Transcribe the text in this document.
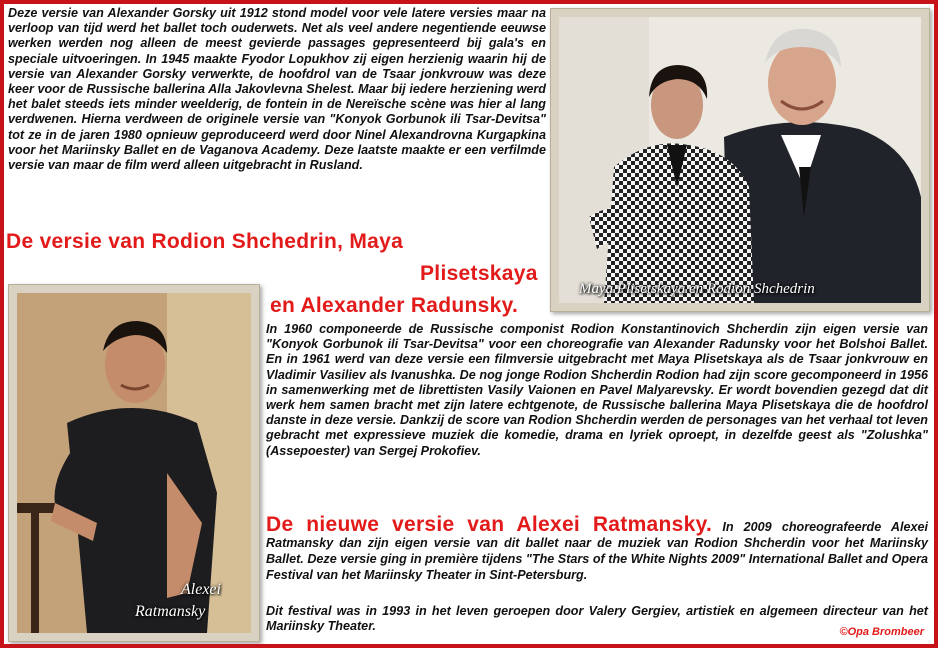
Deze versie van Alexander Gorsky uit 1912 stond model voor vele latere versies maar na verloop van tijd werd het ballet toch ouderwets. Net als veel andere negentiende eeuwse werken werden nog alleen de meest gevierde passages gepresenteerd bij gala's en speciale uitvoeringen. In 1945 maakte Fyodor Lopukhov zij eigen herzienig waarin hij de versie van Alexander Gorsky verwerkte, de hoofdrol van de Tsaar jonkvrouw was deze keer voor de Russische ballerina Alla Jakovlevna Shelest. Maar bij iedere herziening werd het balet steeds iets minder weelderig, de fontein in de Nereïsche scène was hier al lang verdwenen. Hierna verdween de originele versie van "Konyok Gorbunok ili Tsar-Devitsa" tot ze in de jaren 1980 opnieuw geproduceerd werd door Ninel Alexandrovna Kurgapkina voor het Mariinsky Ballet en de Vaganova Academy. Deze laatste maakte er een verfilmde versie van maar de film werd alleen uitgebracht in Rusland.

De versie van Rodion Shchedrin, Maya
Plisetskaya
en Alexander Radunsky.
Maya Plisetskaya en Rodion Shchedrin
Alexei
Ratmansky

In 1960 componeerde de Russische componist Rodion Konstantinovich Shcherdin zijn eigen versie van "Konyok Gorbunok ili Tsar-Devitsa" voor een choreografie van Alexander Radunsky voor het Bolshoi Ballet. En in 1961 werd van deze versie een filmversie uitgebracht met Maya Plisetskaya als de Tsaar jonkvrouw en Vladimir Vasiliev als Ivanushka. De nog jonge Rodion Shcherdin Rodion had zijn score gecomponeerd in 1956 in samenwerking met de librettisten Vasily Vaionen en Pavel Malyarevsky. Er wordt bovendien gezegd dat dit werk hem samen bracht met zijn latere echtgenote, de Russische ballerina Maya Plisetskaya die de hoofdrol danste in deze versie. Dankzij de score van Rodion Shcherdin werden de personages van het verhaal tot leven gebracht met expressieve muziek die komedie, drama en lyriek oproept, in dezelfde geest als "Zolushka" (Assepoester) van Sergej Prokofiev.

De nieuwe versie van Alexei Ratmansky. In 2009 choreografeerde Alexei Ratmansky dan zijn eigen versie van dit ballet naar de muziek van Rodion Shcherdin voor het Mariinsky Ballet. Deze versie ging in première tijdens "The Stars of the White Nights 2009" International Ballet and Opera Festival van het Mariinsky Theater in Sint-Petersburg.

Dit festival was in 1993 in het leven geroepen door Valery Gergiev, artistiek en algemeen directeur van het Mariinsky Theater.	©Opa Brombeer
